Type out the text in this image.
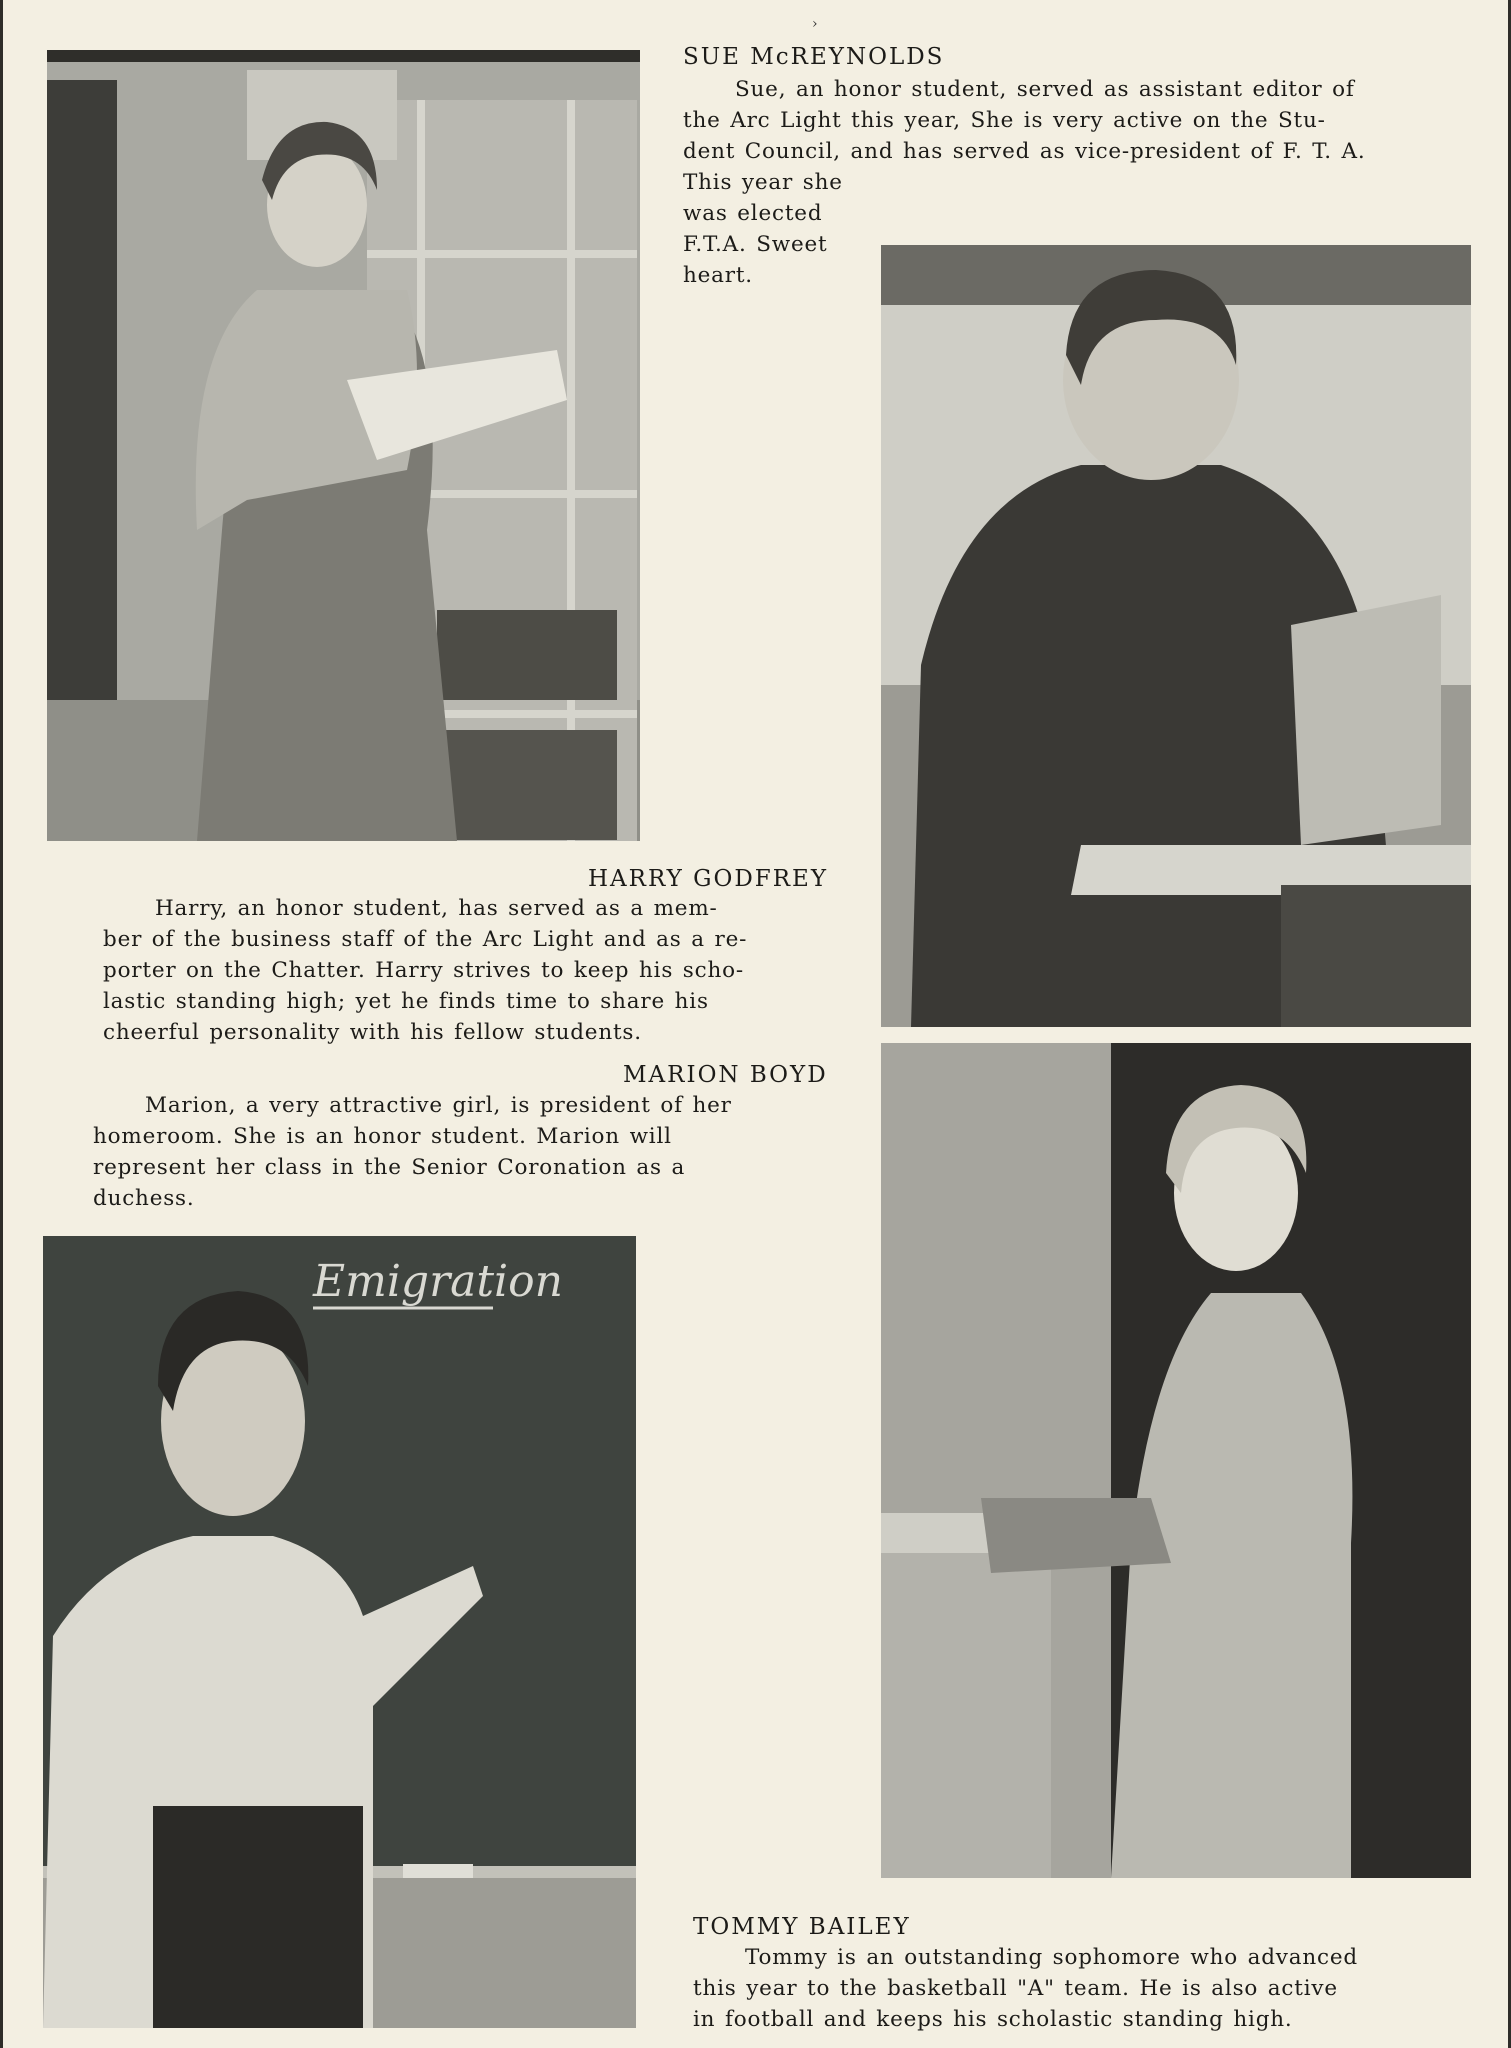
›
Emigration
SUE McREYNOLDS
Sue, an honor student, served as assistant editor of
the Arc Light this year, She is very active on the Stu-
dent Council, and has served as vice-president of F. T. A.
This year she
was elected
F.T.A. Sweet
heart.
HARRY GODFREY
Harry, an honor student, has served as a mem-
ber of the business staff of the Arc Light and as a re-
porter on the Chatter. Harry strives to keep his scho-
lastic standing high; yet he finds time to share his
cheerful personality with his fellow students.
MARION BOYD
Marion, a very attractive girl, is president of her
homeroom. She is an honor student. Marion will
represent her class in the Senior Coronation as a
duchess.
TOMMY BAILEY
Tommy is an outstanding sophomore who advanced
this year to the basketball "A" team. He is also active
in football and keeps his scholastic standing high.
